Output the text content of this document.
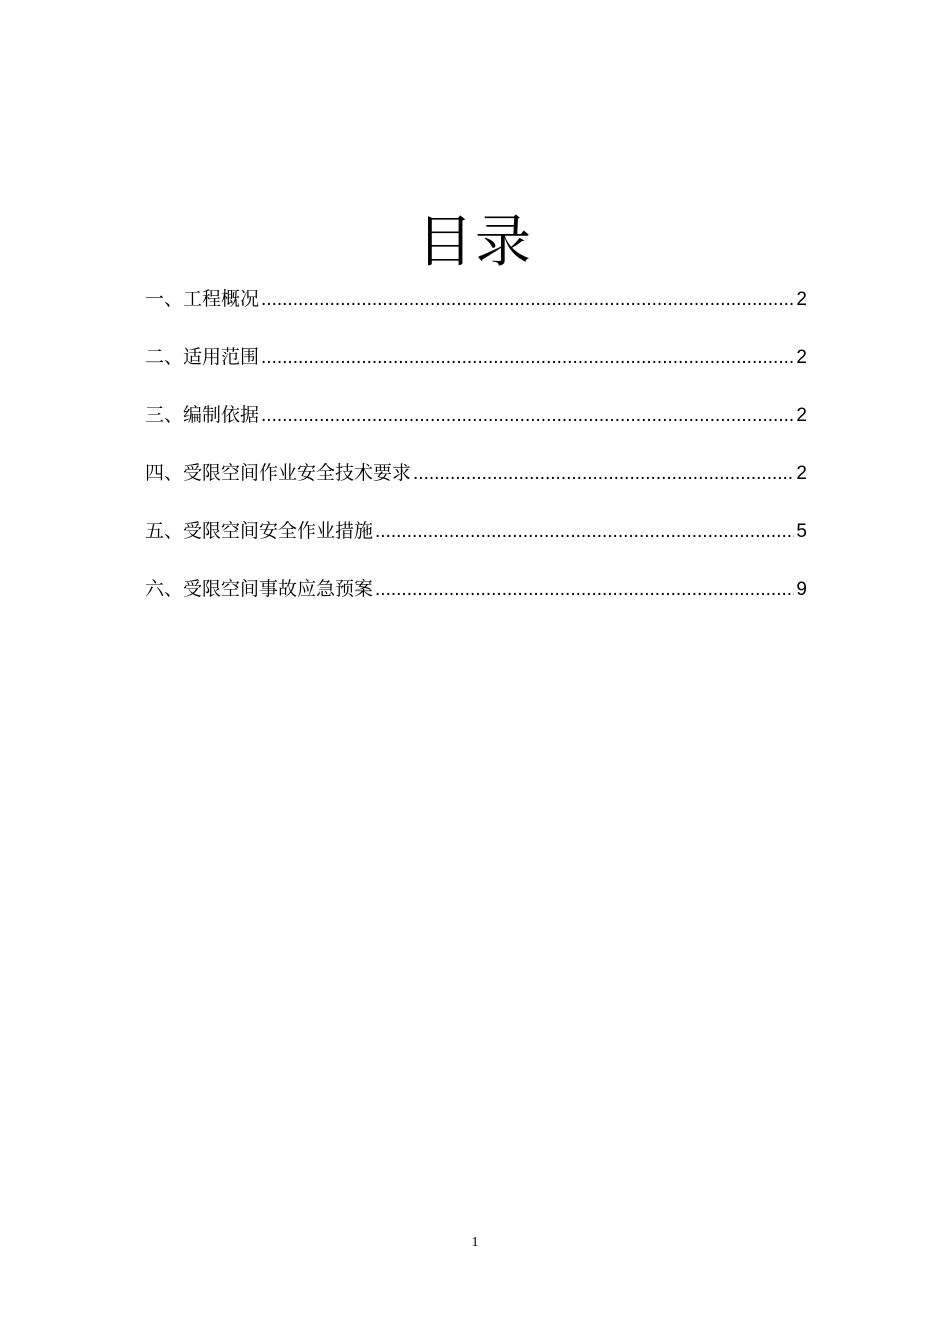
目录
一、工程概况 .....	2
二、适用范围 .....	2
三、编制依据 .....	2
四、受限空间作业安全技术要求 .....	2
五、受限空间安全作业措施 .....	5
六、受限空间事故应急预案 .....	9
1
